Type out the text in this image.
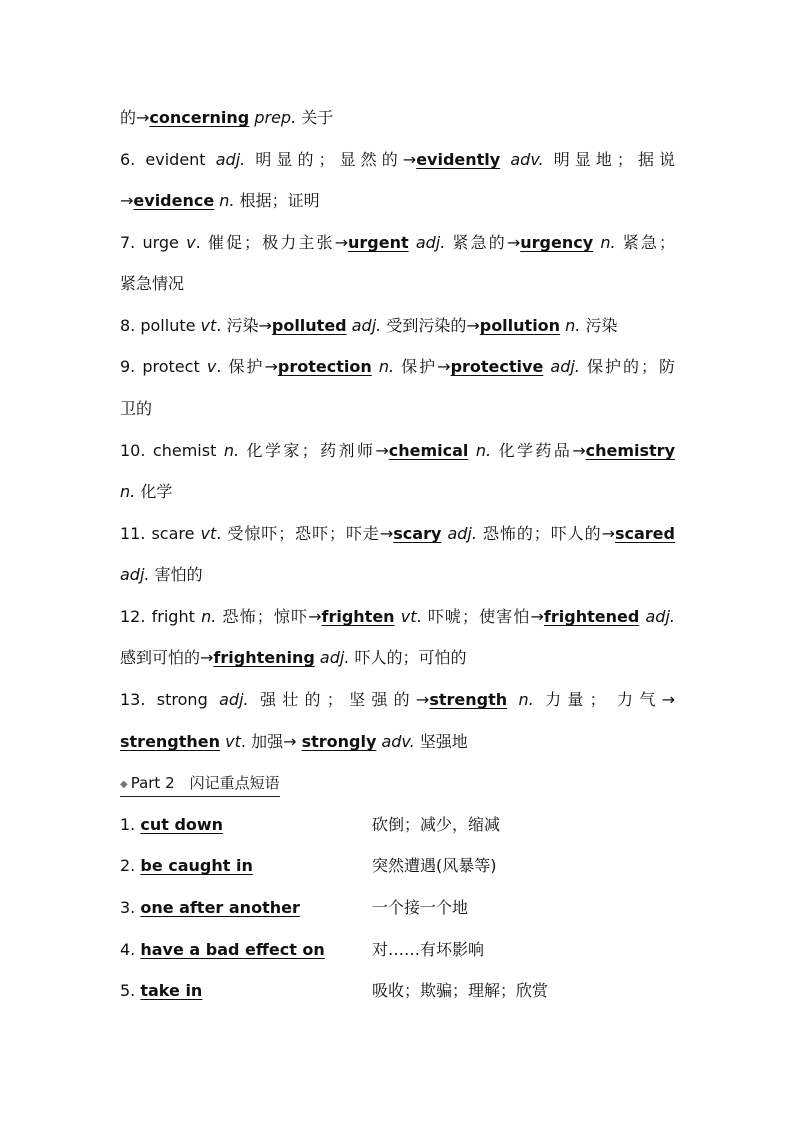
的→concerning prep. 关于
6. evident adj. 明显的；显然的→evidently adv. 明显地；据说
→evidence n. 根据；证明
7. urge v. 催促；极力主张→urgent adj. 紧急的→urgency n. 紧急；
紧急情况
8. pollute vt. 污染→polluted adj. 受到污染的→pollution n. 污染
9. protect v. 保护→protection n. 保护→protective adj. 保护的；防
卫的
10. chemist n. 化学家；药剂师→chemical n. 化学药品→chemistry
n. 化学
11. scare vt. 受惊吓；恐吓；吓走→scary adj. 恐怖的；吓人的→scared
adj. 害怕的
12. fright n. 恐怖；惊吓→frighten vt. 吓唬；使害怕→frightened adj.
感到可怕的→frightening adj. 吓人的；可怕的
13. strong adj. 强壮的；坚强的→strength n. 力量； 力气→
strengthen vt. 加强→ strongly adv. 坚强地
◆ Part 2　闪记重点短语
1. cut down	砍倒；减少，缩减
2. be caught in	突然遭遇(风暴等)
3. one after another	一个接一个地
4. have a bad effect on	对……有坏影响
5. take in	吸收；欺骗；理解；欣赏
